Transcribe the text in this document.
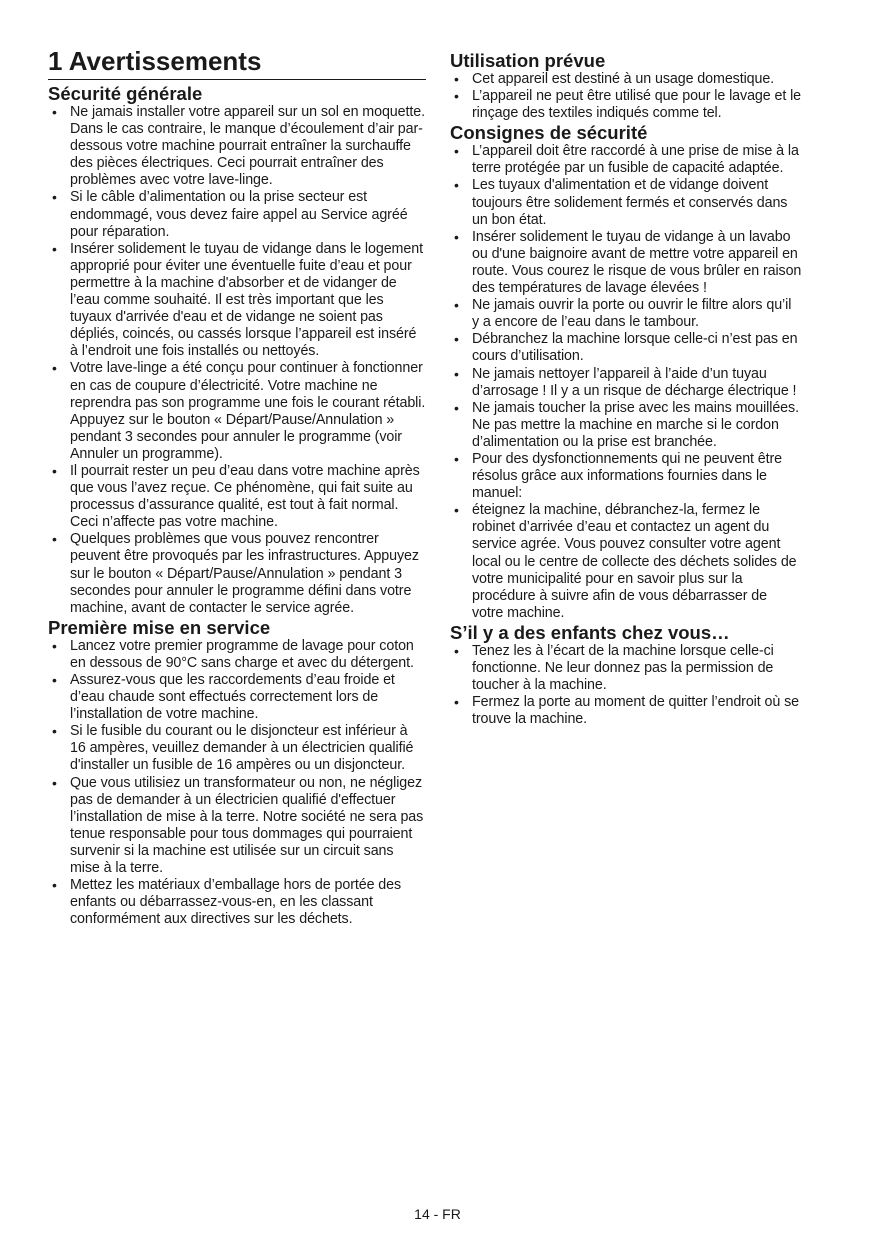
1 Avertissements
Sécurité générale
• Ne jamais installer votre appareil sur un sol en moquette. Dans le cas contraire, le manque d’écoulement d’air par-dessous votre machine pourrait entraîner la surchauffe des pièces électriques. Ceci pourrait entraîner des problèmes avec votre lave-linge.
• Si le câble d’alimentation ou la prise secteur est endommagé, vous devez faire appel au Service agréé pour réparation.
• Insérer solidement le tuyau de vidange dans le logement approprié pour éviter une éventuelle fuite d’eau et pour permettre à la machine d'absorber et de vidanger de l’eau comme souhaité. Il est très important que les tuyaux d'arrivée d'eau et de vidange ne soient pas dépliés, coincés, ou cassés lorsque l’appareil est inséré à l’endroit une fois installés ou nettoyés.
• Votre lave-linge a été conçu pour continuer à fonctionner en cas de coupure d’électricité. Votre machine ne reprendra pas son programme une fois le courant rétabli. Appuyez sur le bouton « Départ/Pause/Annulation » pendant 3 secondes pour annuler le programme (voir Annuler un programme).
• Il pourrait rester un peu d’eau dans votre machine après que vous l’avez reçue. Ce phénomène, qui fait suite au processus d’assurance qualité, est tout à fait normal. Ceci n’affecte pas votre machine.
• Quelques problèmes que vous pouvez rencontrer peuvent être provoqués par les infrastructures. Appuyez sur le bouton « Départ/Pause/Annulation » pendant 3 secondes pour annuler le programme défini dans votre machine, avant de contacter le service agrée.
Première mise en service
• Lancez votre premier programme de lavage pour coton en dessous de 90°C sans charge et avec du détergent.
• Assurez-vous que les raccordements d’eau froide et d’eau chaude sont effectués correctement lors de l’installation de votre machine.
• Si le fusible du courant ou le disjoncteur est inférieur à 16 ampères, veuillez demander à un électricien qualifié d'installer un fusible de 16 ampères ou un disjoncteur.
• Que vous utilisiez un transformateur ou non, ne négligez pas de demander à un électricien qualifié d'effectuer l’installation de mise à la terre. Notre société ne sera pas tenue responsable pour tous dommages qui pourraient survenir si la machine est utilisée sur un circuit sans mise à la terre.
• Mettez les matériaux d’emballage hors de portée des enfants ou débarrassez-vous-en, en les classant conformément aux directives sur les déchets.
Utilisation prévue
• Cet appareil est destiné à un usage domestique.
• L’appareil ne peut être utilisé que pour le lavage et le rinçage des textiles indiqués comme tel.
Consignes de sécurité
• L’appareil doit être raccordé à une prise de mise à la terre protégée par un fusible de capacité adaptée.
• Les tuyaux d'alimentation et de vidange doivent toujours être solidement fermés et conservés dans un bon état.
• Insérer solidement le tuyau de vidange à un lavabo ou d'une baignoire avant de mettre votre appareil en route. Vous courez le risque de vous brûler en raison des températures de lavage élevées !
• Ne jamais ouvrir la porte ou ouvrir le filtre alors qu’il y a encore de l’eau dans le tambour.
• Débranchez la machine lorsque celle-ci n’est pas en cours d’utilisation.
• Ne jamais nettoyer l’appareil à l’aide d’un tuyau d’arrosage ! Il y a un risque de décharge électrique !
• Ne jamais toucher la prise avec les mains mouillées. Ne pas mettre la machine en marche si le cordon d’alimentation ou la prise est branchée.
• Pour des dysfonctionnements qui ne peuvent être résolus grâce aux informations fournies dans le manuel:
• éteignez la machine, débranchez-la, fermez le robinet d’arrivée d’eau et contactez un agent du service agrée. Vous pouvez consulter votre agent local ou le centre de collecte des déchets solides de votre municipalité pour en savoir plus sur la procédure à suivre afin de vous débarrasser de votre machine.
S’il y a des enfants chez vous…
• Tenez les à l’écart de la machine lorsque celle-ci fonctionne. Ne leur donnez pas la permission de toucher à la machine.
• Fermez la porte au moment de quitter l’endroit où se trouve la machine.
14 - FR
